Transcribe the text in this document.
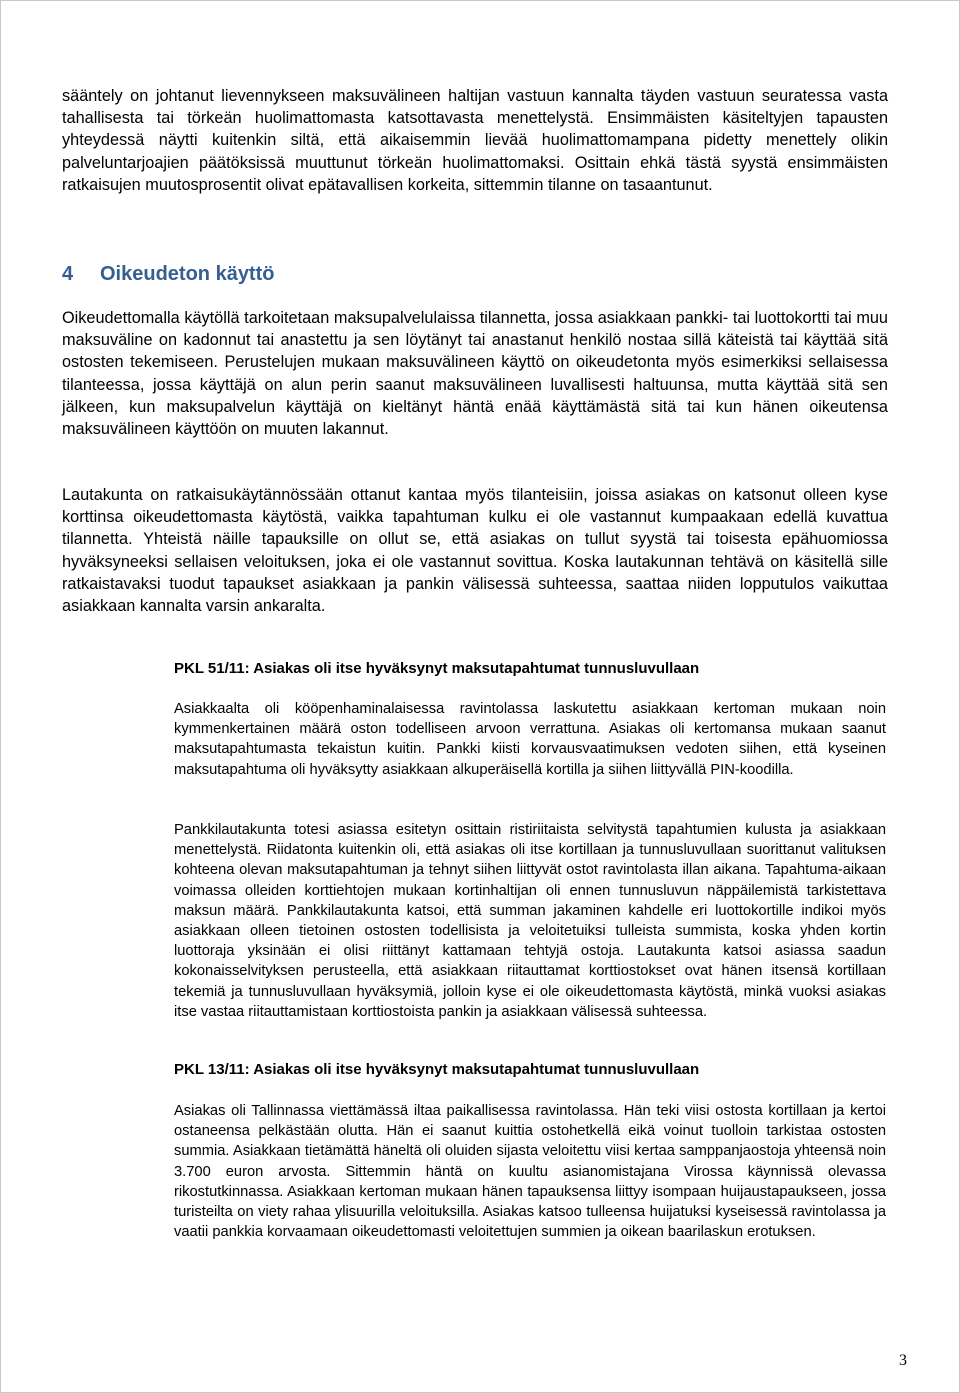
sääntely on johtanut lievennykseen maksuvälineen haltijan vastuun kannalta täyden vastuun seuratessa vasta tahallisesta tai törkeän huolimattomasta katsottavasta menettelystä. Ensimmäisten käsiteltyjen tapausten yhteydessä näytti kuitenkin siltä, että aikaisemmin lievää huolimattomampana pidetty menettely olikin palveluntarjoajien päätöksissä muuttunut törkeän huolimattomaksi. Osittain ehkä tästä syystä ensimmäisten ratkaisujen muutosprosentit olivat epätavallisen korkeita, sittemmin tilanne on tasaantunut.

4 Oikeudeton käyttö

Oikeudettomalla käytöllä tarkoitetaan maksupalvelulaissa tilannetta, jossa asiakkaan pankki- tai luottokortti tai muu maksuväline on kadonnut tai anastettu ja sen löytänyt tai anastanut henkilö nostaa sillä käteistä tai käyttää sitä ostosten tekemiseen. Perustelujen mukaan maksuvälineen käyttö on oikeudetonta myös esimerkiksi sellaisessa tilanteessa, jossa käyttäjä on alun perin saanut maksuvälineen luvallisesti haltuunsa, mutta käyttää sitä sen jälkeen, kun maksupalvelun käyttäjä on kieltänyt häntä enää käyttämästä sitä tai kun hänen oikeutensa maksuvälineen käyttöön on muuten lakannut.

Lautakunta on ratkaisukäytännössään ottanut kantaa myös tilanteisiin, joissa asiakas on katsonut olleen kyse korttinsa oikeudettomasta käytöstä, vaikka tapahtuman kulku ei ole vastannut kumpaakaan edellä kuvattua tilannetta. Yhteistä näille tapauksille on ollut se, että asiakas on tullut syystä tai toisesta epähuomiossa hyväksyneeksi sellaisen veloituksen, joka ei ole vastannut sovittua. Koska lautakunnan tehtävä on käsitellä sille ratkaistavaksi tuodut tapaukset asiakkaan ja pankin välisessä suhteessa, saattaa niiden lopputulos vaikuttaa asiakkaan kannalta varsin ankaralta.

PKL 51/11: Asiakas oli itse hyväksynyt maksutapahtumat tunnusluvullaan

Asiakkaalta oli kööpenhaminalaisessa ravintolassa laskutettu asiakkaan kertoman mukaan noin kymmenkertainen määrä oston todelliseen arvoon verrattuna. Asiakas oli kertomansa mukaan saanut maksutapahtumasta tekaistun kuitin. Pankki kiisti korvausvaatimuksen vedoten siihen, että kyseinen maksutapahtuma oli hyväksytty asiakkaan alkuperäisellä kortilla ja siihen liittyvällä PIN-koodilla.

Pankkilautakunta totesi asiassa esitetyn osittain ristiriitaista selvitystä tapahtumien kulusta ja asiakkaan menettelystä. Riidatonta kuitenkin oli, että asiakas oli itse kortillaan ja tunnusluvullaan suorittanut valituksen kohteena olevan maksutapahtuman ja tehnyt siihen liittyvät ostot ravintolasta illan aikana. Tapahtuma-aikaan voimassa olleiden korttiehtojen mukaan kortinhaltijan oli ennen tunnusluvun näppäilemistä tarkistettava maksun määrä. Pankkilautakunta katsoi, että summan jakaminen kahdelle eri luottokortille indikoi myös asiakkaan olleen tietoinen ostosten todellisista ja veloitetuiksi tulleista summista, koska yhden kortin luottoraja yksinään ei olisi riittänyt kattamaan tehtyjä ostoja. Lautakunta katsoi asiassa saadun kokonaisselvityksen perusteella, että asiakkaan riitauttamat korttiostokset ovat hänen itsensä kortillaan tekemiä ja tunnusluvullaan hyväksymiä, jolloin kyse ei ole oikeudettomasta käytöstä, minkä vuoksi asiakas itse vastaa riitauttamistaan korttiostoista pankin ja asiakkaan välisessä suhteessa.

PKL 13/11: Asiakas oli itse hyväksynyt maksutapahtumat tunnusluvullaan

Asiakas oli Tallinnassa viettämässä iltaa paikallisessa ravintolassa. Hän teki viisi ostosta kortillaan ja kertoi ostaneensa pelkästään olutta. Hän ei saanut kuittia ostohetkellä eikä voinut tuolloin tarkistaa ostosten summia. Asiakkaan tietämättä häneltä oli oluiden sijasta veloitettu viisi kertaa samppanjaostoja yhteensä noin 3.700 euron arvosta. Sittemmin häntä on kuultu asianomistajana Virossa käynnissä olevassa rikostutkinnassa. Asiakkaan kertoman mukaan hänen tapauksensa liittyy isompaan huijaustapaukseen, jossa turisteilta on viety rahaa ylisuurilla veloituksilla. Asiakas katsoo tulleensa huijatuksi kyseisessä ravintolassa ja vaatii pankkia korvaamaan oikeudettomasti veloitettujen summien ja oikean baarilaskun erotuksen.

3
